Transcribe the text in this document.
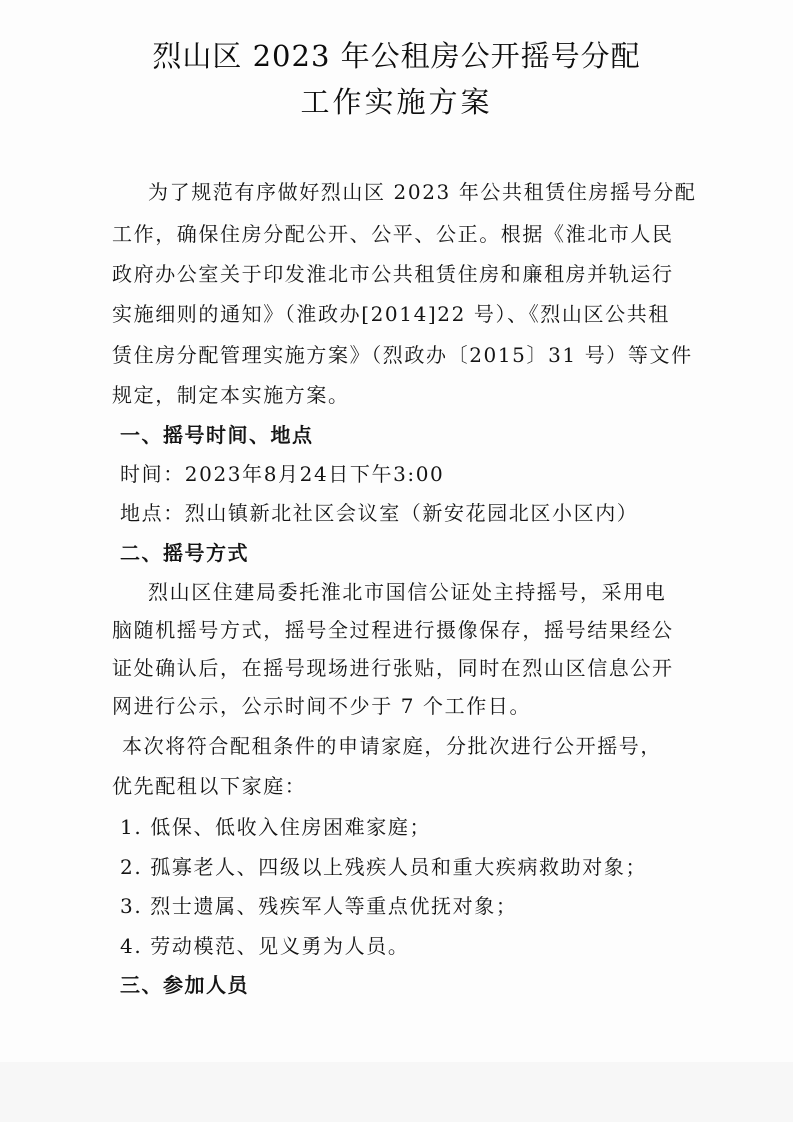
烈山区 2023 年公租房公开摇号分配
工作实施方案
为了规范有序做好烈山区 2023 年公共租赁住房摇号分配
工作，确保住房分配公开、公平、公正。根据《淮北市人民
政府办公室关于印发淮北市公共租赁住房和廉租房并轨运行
实施细则的通知》（淮政办[2014]22 号）、《烈山区公共租
赁住房分配管理实施方案》（烈政办〔2015〕31 号）等文件
规定，制定本实施方案。
一、摇号时间、地点
时间：2023年8月24日下午3:00
地点：烈山镇新北社区会议室（新安花园北区小区内）
二、摇号方式
烈山区住建局委托淮北市国信公证处主持摇号，采用电
脑随机摇号方式，摇号全过程进行摄像保存，摇号结果经公
证处确认后，在摇号现场进行张贴，同时在烈山区信息公开
网进行公示，公示时间不少于 7 个工作日。
本次将符合配租条件的申请家庭，分批次进行公开摇号，
优先配租以下家庭：
1. 低保、低收入住房困难家庭；
2. 孤寡老人、四级以上残疾人员和重大疾病救助对象；
3. 烈士遗属、残疾军人等重点优抚对象；
4. 劳动模范、见义勇为人员。
三、参加人员
